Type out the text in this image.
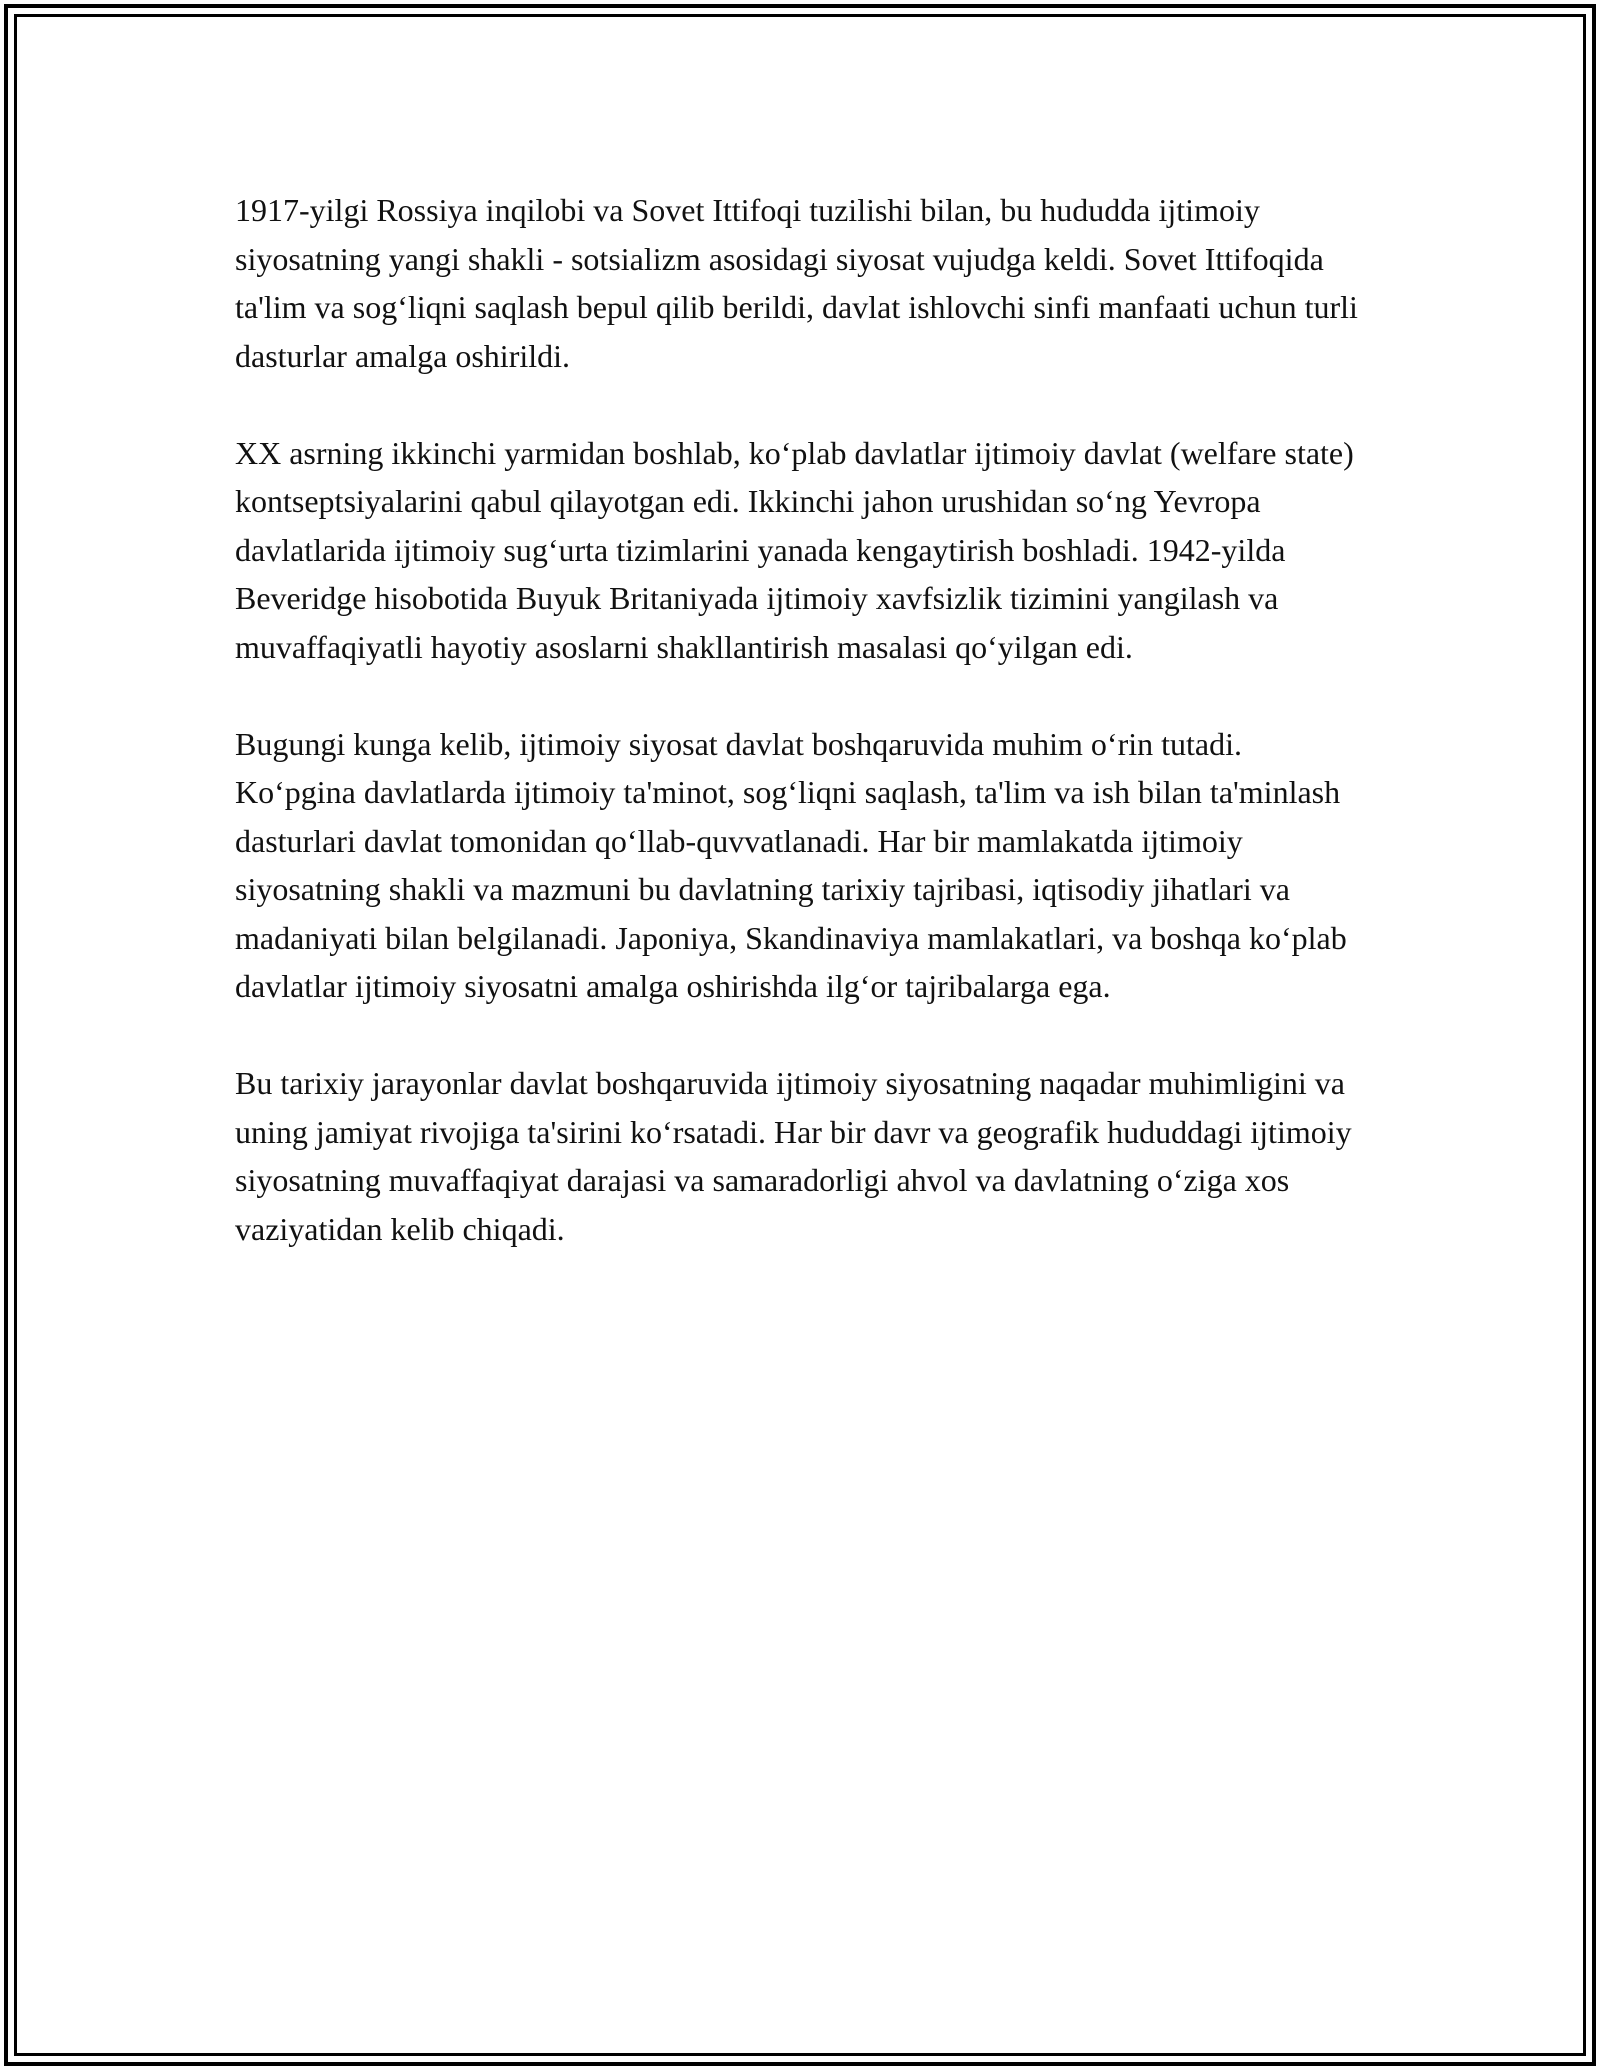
1917-yilgi Rossiya inqilobi va Sovet Ittifoqi tuzilishi bilan, bu hududda ijtimoiy siyosatning yangi shakli - sotsializm asosidagi siyosat vujudga keldi. Sovet Ittifoqida ta'lim va sog‘liqni saqlash bepul qilib berildi, davlat ishlovchi sinfi manfaati uchun turli dasturlar amalga oshirildi.

XX asrning ikkinchi yarmidan boshlab, ko‘plab davlatlar ijtimoiy davlat (welfare state) kontseptsiyalarini qabul qilayotgan edi. Ikkinchi jahon urushidan so‘ng Yevropa davlatlarida ijtimoiy sug‘urta tizimlarini yanada kengaytirish boshladi. 1942-yilda Beveridge hisobotida Buyuk Britaniyada ijtimoiy xavfsizlik tizimini yangilash va muvaffaqiyatli hayotiy asoslarni shakllantirish masalasi qo‘yilgan edi.

Bugungi kunga kelib, ijtimoiy siyosat davlat boshqaruvida muhim o‘rin tutadi. Ko‘pgina davlatlarda ijtimoiy ta'minot, sog‘liqni saqlash, ta'lim va ish bilan ta'minlash dasturlari davlat tomonidan qo‘llab-quvvatlanadi. Har bir mamlakatda ijtimoiy siyosatning shakli va mazmuni bu davlatning tarixiy tajribasi, iqtisodiy jihatlari va madaniyati bilan belgilanadi. Japoniya, Skandinaviya mamlakatlari, va boshqa ko‘plab davlatlar ijtimoiy siyosatni amalga oshirishda ilg‘or tajribalarga ega.

Bu tarixiy jarayonlar davlat boshqaruvida ijtimoiy siyosatning naqadar muhimligini va uning jamiyat rivojiga ta'sirini ko‘rsatadi. Har bir davr va geografik hududdagi ijtimoiy siyosatning muvaffaqiyat darajasi va samaradorligi ahvol va davlatning o‘ziga xos vaziyatidan kelib chiqadi.
